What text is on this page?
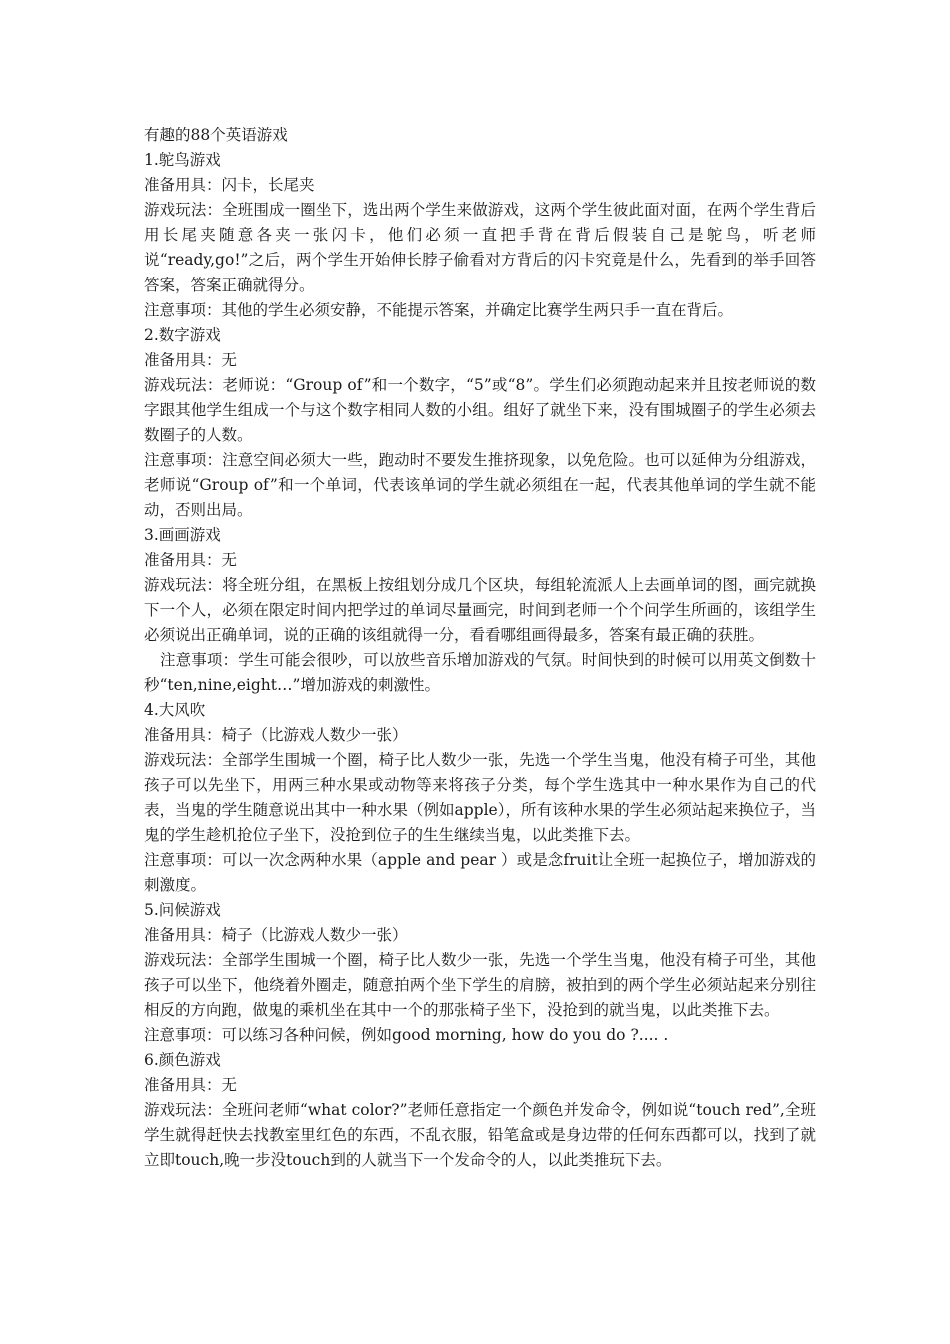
有趣的88个英语游戏

1.鸵鸟游戏

准备用具：闪卡，长尾夹

游戏玩法：全班围成一圈坐下，选出两个学生来做游戏，这两个学生彼此面对面，在两个学生背后用长尾夹随意各夹一张闪卡，他们必须一直把手背在背后假装自己是鸵鸟，听老师说“ready,go!”之后，两个学生开始伸长脖子偷看对方背后的闪卡究竟是什么，先看到的举手回答答案，答案正确就得分。

注意事项：其他的学生必须安静，不能提示答案，并确定比赛学生两只手一直在背后。

2.数字游戏

准备用具：无

游戏玩法：老师说：“Group of”和一个数字，“5”或“8”。学生们必须跑动起来并且按老师说的数字跟其他学生组成一个与这个数字相同人数的小组。组好了就坐下来，没有围城圈子的学生必须去数圈子的人数。

注意事项：注意空间必须大一些，跑动时不要发生推挤现象，以免危险。也可以延伸为分组游戏，老师说“Group of”和一个单词，代表该单词的学生就必须组在一起，代表其他单词的学生就不能动，否则出局。

3.画画游戏

准备用具：无

游戏玩法：将全班分组，在黑板上按组划分成几个区块，每组轮流派人上去画单词的图，画完就换下一个人，必须在限定时间内把学过的单词尽量画完，时间到老师一个个问学生所画的，该组学生必须说出正确单词，说的正确的该组就得一分，看看哪组画得最多，答案有最正确的获胜。

注意事项：学生可能会很吵，可以放些音乐增加游戏的气氛。时间快到的时候可以用英文倒数十秒“ten,nine,eight…”增加游戏的刺激性。

4.大风吹

准备用具：椅子（比游戏人数少一张）

游戏玩法：全部学生围城一个圈，椅子比人数少一张，先选一个学生当鬼，他没有椅子可坐，其他孩子可以先坐下，用两三种水果或动物等来将孩子分类，每个学生选其中一种水果作为自己的代表，当鬼的学生随意说出其中一种水果（例如apple），所有该种水果的学生必须站起来换位子，当鬼的学生趁机抢位子坐下，没抢到位子的生生继续当鬼，以此类推下去。

注意事项：可以一次念两种水果（apple and pear ）或是念fruit让全班一起换位子，增加游戏的刺激度。

5.问候游戏

准备用具：椅子（比游戏人数少一张）

游戏玩法：全部学生围城一个圈，椅子比人数少一张，先选一个学生当鬼，他没有椅子可坐，其他孩子可以坐下，他绕着外圈走，随意拍两个坐下学生的肩膀，被拍到的两个学生必须站起来分别往相反的方向跑，做鬼的乘机坐在其中一个的那张椅子坐下，没抢到的就当鬼，以此类推下去。

注意事项：可以练习各种问候，例如good morning, how do you do ?.... .

6.颜色游戏

准备用具：无

游戏玩法：全班问老师“what color?”老师任意指定一个颜色并发命令，例如说“touch red”,全班学生就得赶快去找教室里红色的东西，不乱衣服，铅笔盒或是身边带的任何东西都可以，找到了就立即touch,晚一步没touch到的人就当下一个发命令的人，以此类推玩下去。
